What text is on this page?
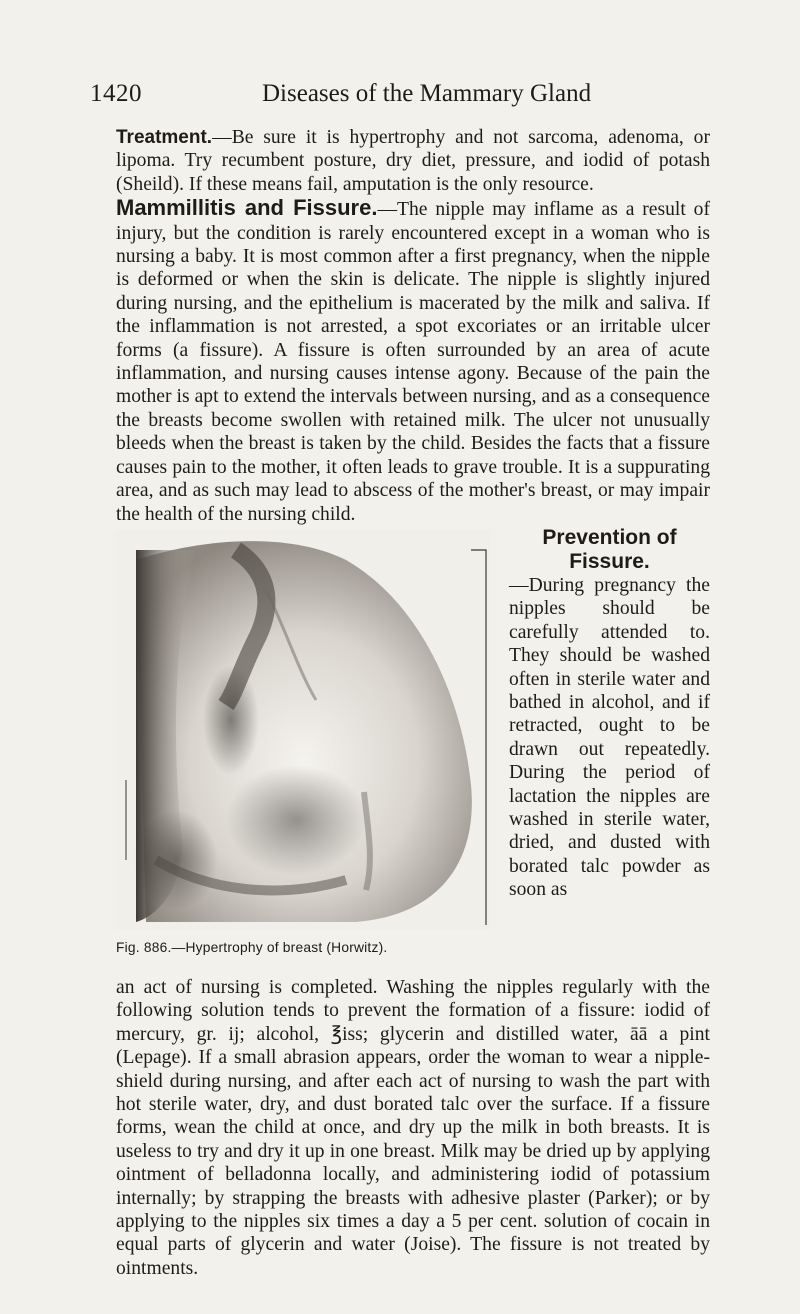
1420	Diseases of the Mammary Gland

Treatment.—Be sure it is hypertrophy and not sarcoma, adenoma, or lipoma. Try recumbent posture, dry diet, pressure, and iodid of potash (Sheild). If these means fail, amputation is the only resource.

Mammillitis and Fissure.—The nipple may inflame as a result of injury, but the condition is rarely encountered except in a woman who is nursing a baby. It is most common after a first pregnancy, when the nipple is deformed or when the skin is delicate. The nipple is slightly injured during nursing, and the epithelium is macerated by the milk and saliva. If the inflammation is not arrested, a spot excoriates or an irritable ulcer forms (a fissure). A fissure is often surrounded by an area of acute inflammation, and nursing causes intense agony. Because of the pain the mother is apt to extend the intervals between nursing, and as a consequence the breasts become swollen with retained milk. The ulcer not unusually bleeds when the breast is taken by the child. Besides the facts that a fissure causes pain to the mother, it often leads to grave trouble. It is a suppurating area, and as such may lead to abscess of the mother's breast, or may impair the health of the nursing child.

Fig. 886.—Hypertrophy of breast (Horwitz).

Prevention of Fissure.
—During pregnancy the nipples should be carefully attended to. They should be washed often in sterile water and bathed in alcohol, and if retracted, ought to be drawn out repeatedly. During the period of lactation the nipples are washed in sterile water, dried, and dusted with borated talc powder as soon as

an act of nursing is completed. Washing the nipples regularly with the following solution tends to prevent the formation of a fissure: iodid of mercury, gr. ij; alcohol, ℥iss; glycerin and distilled water, āā a pint (Lepage). If a small abrasion appears, order the woman to wear a nipple-shield during nursing, and after each act of nursing to wash the part with hot sterile water, dry, and dust borated talc over the surface. If a fissure forms, wean the child at once, and dry up the milk in both breasts. It is useless to try and dry it up in one breast. Milk may be dried up by applying ointment of belladonna locally, and administering iodid of potassium internally; by strapping the breasts with adhesive plaster (Parker); or by applying to the nipples six times a day a 5 per cent. solution of cocain in equal parts of glycerin and water (Joise). The fissure is not treated by ointments.
